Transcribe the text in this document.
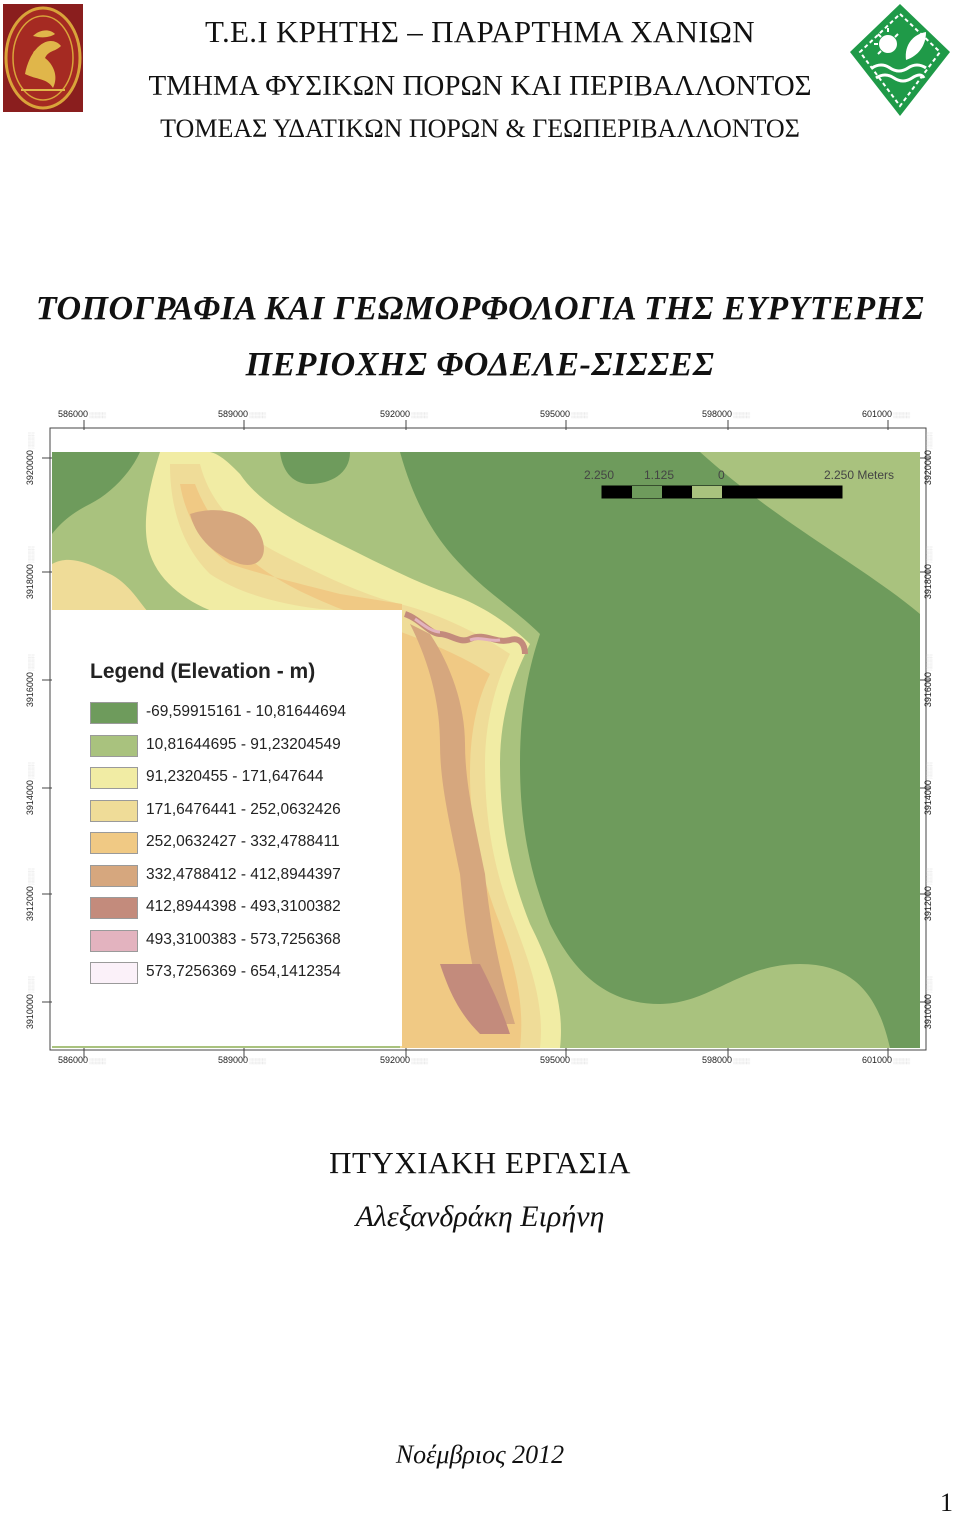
Τ.Ε.Ι ΚΡΗΤΗΣ – ΠΑΡΑΡΤΗΜΑ ΧΑΝΙΩΝ
ΤΜΗΜΑ ΦΥΣΙΚΩΝ ΠΟΡΩΝ ΚΑΙ ΠΕΡΙΒΑΛΛΟΝΤΟΣ
ΤΟΜΕΑΣ ΥΔΑΤΙΚΩΝ ΠΟΡΩΝ & ΓΕΩΠΕΡΙΒΑΛΛΟΝΤΟΣ
ΤΟΠΟΓΡΑΦΙΑ ΚΑΙ ΓΕΩΜΟΡΦΟΛΟΓΙΑ ΤΗΣ ΕΥΡΥΤΕΡΗΣ
ΠΕΡΙΟΧΗΣ ΦΟΔΕΛΕ-ΣΙΣΣΕΣ
586000 ░░░░░	589000 ░░░░░	592000 ░░░░░	595000 ░░░░░	598000 ░░░░░	601000 ░░░░░
586000 ░░░░░	589000 ░░░░░	592000 ░░░░░	595000 ░░░░░	598000 ░░░░░	601000 ░░░░░
3920000 ░░░░░
3918000 ░░░░░
3916000 ░░░░░
3914000 ░░░░░
3912000 ░░░░░
3910000 ░░░░░
3920000 ░░░░░
3918000 ░░░░░
3916000 ░░░░░
3914000 ░░░░░
3912000 ░░░░░
3910000 ░░░░░
2.250 1.125	0	2.250 Meters
Legend (Elevation - m)
-69,59915161 - 10,81644694
10,81644695 - 91,23204549
91,2320455 - 171,647644
171,6476441 - 252,0632426
252,0632427 - 332,4788411
332,4788412 - 412,8944397
412,8944398 - 493,3100382
493,3100383 - 573,7256368
573,7256369 - 654,1412354
ΠΤΥΧΙΑΚΗ ΕΡΓΑΣΙΑ
Αλεξανδράκη Ειρήνη
Νοέμβριος 2012
1
